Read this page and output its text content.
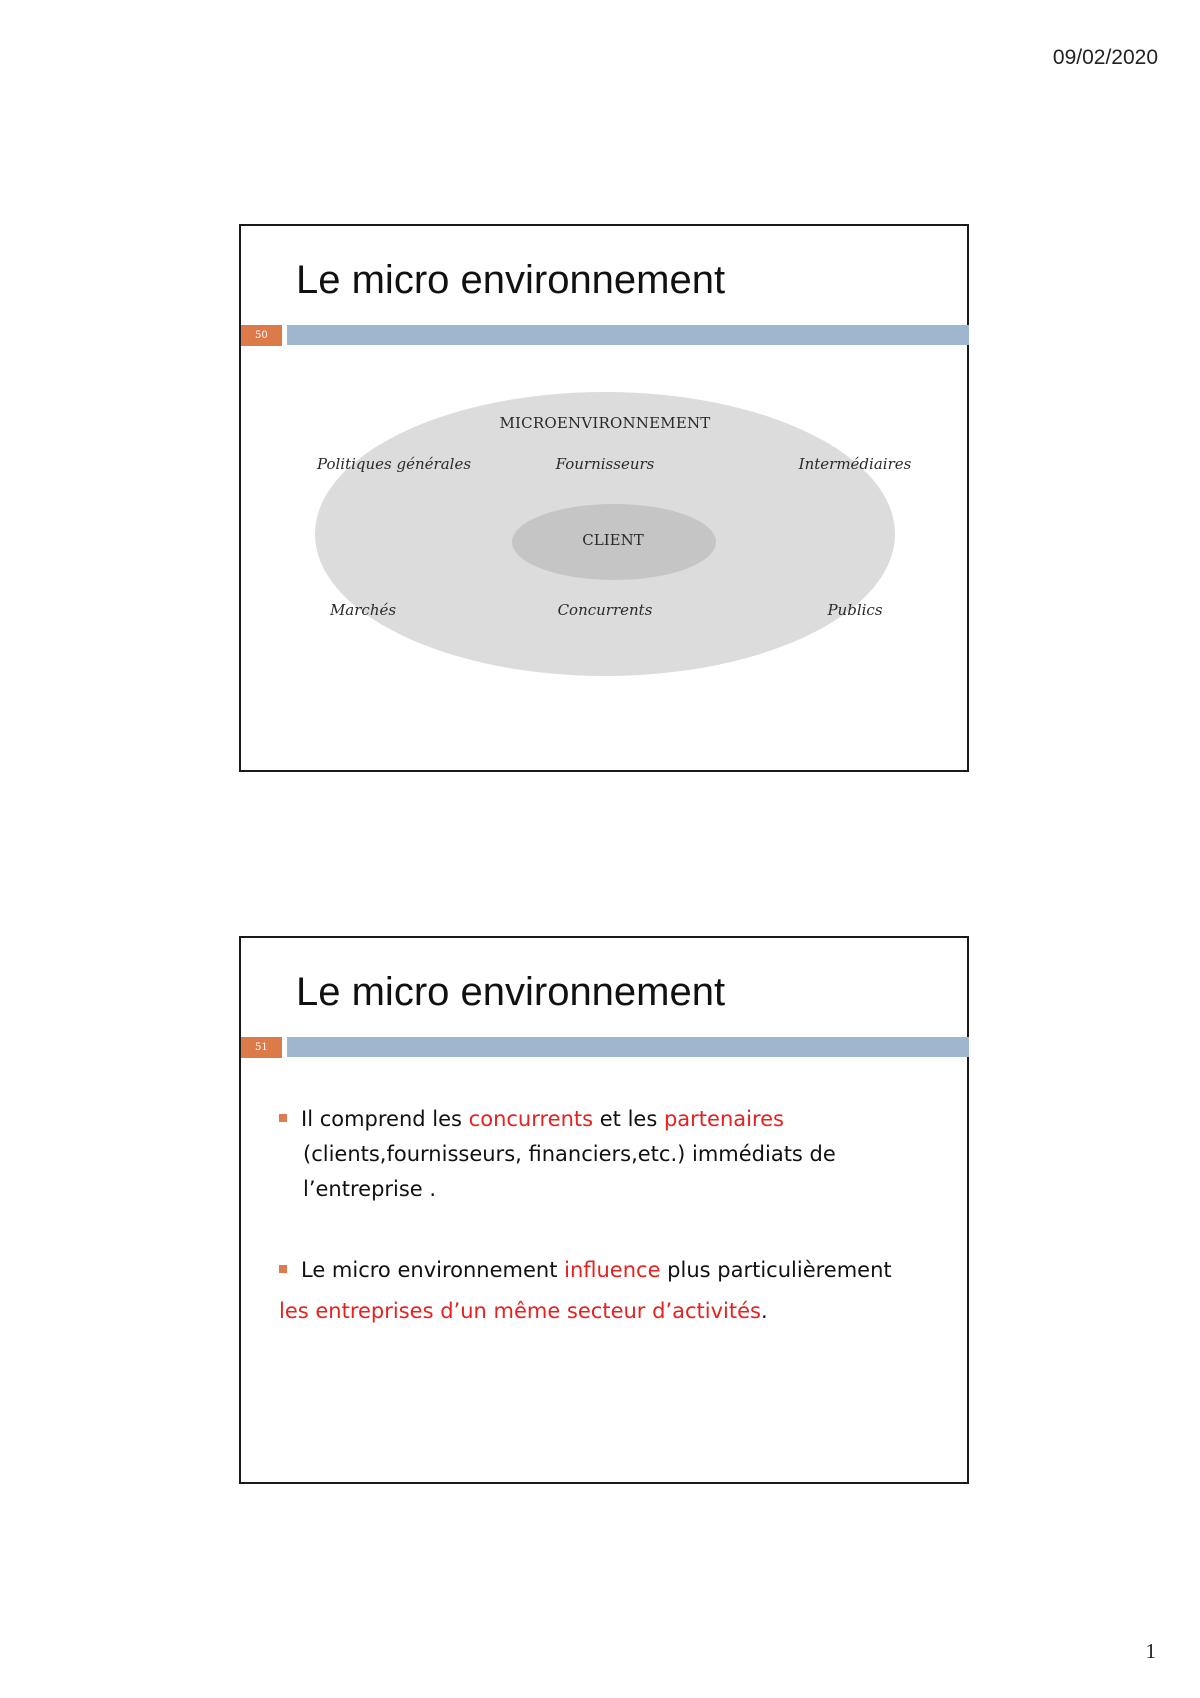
09/02/2020
Le micro environnement
50
MICROENVIRONNEMENT
Politiques générales	Fournisseurs	Intermédiaires
CLIENT
Marchés	Concurrents	Publics
Le micro environnement
51
Il comprend les concurrents et les partenaires
(clients,fournisseurs, financiers,etc.) immédiats de
l’entreprise .
Le micro environnement influence plus particulièrement
les entreprises d’un même secteur d’activités.
1
